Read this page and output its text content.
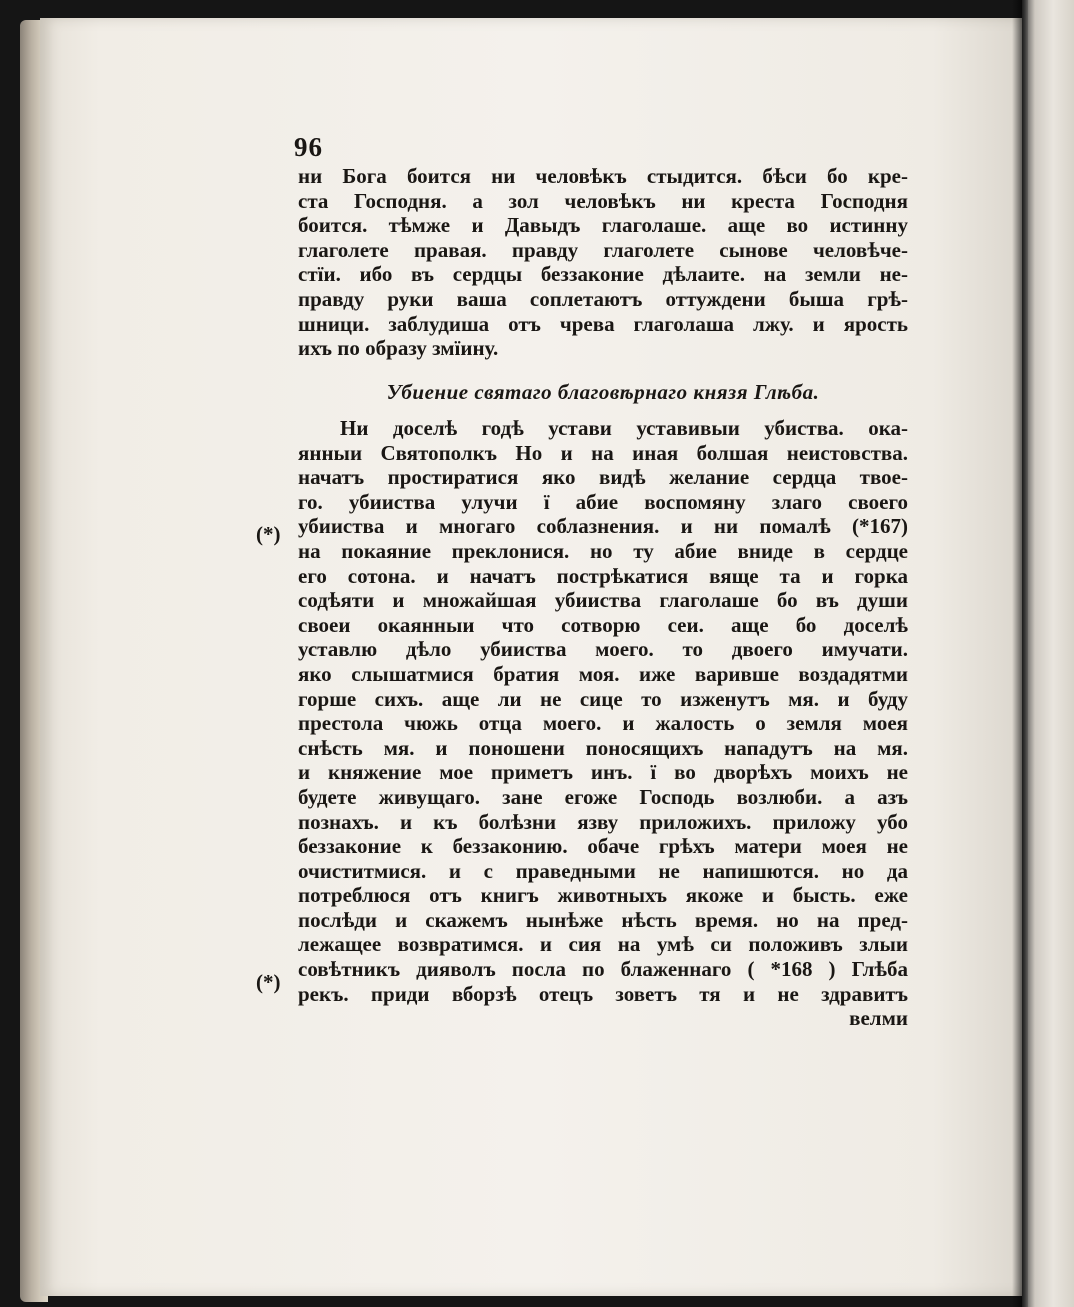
96
ни Бога боится ни человѣкъ стыдится. бѣси бо кре-
ста Господня. а зол человѣкъ ни креста Господня
боится. тѣмже и Давыдъ глаголаше. аще во истинну
глаголете правая. правду глаголете сынове человѣче-
стїи. ибо въ сердцы беззаконие дѣлаите. на земли не-
правду руки ваша соплетаютъ оттуждени быша грѣ-
шници. заблудиша отъ чрева глаголаша лжу. и ярость
ихъ по образу змїину.
Убиение святаго благовѣрнаго князя Глѣба.
Ни доселѣ годѣ устави уставивыи убиства. ока-
янныи Святополкъ Но и на иная болшая неистовства.
начатъ простиратися яко видѣ желание сердца твое-
го. убииства улучи ї абие воспомяну злаго своего
убииства и многаго соблазнения. и ни помалѣ (*167)
на покаяние преклонися. но ту абие вниде в сердце
его сотона. и начатъ пострѣкатися вяще та и горка
содѣяти и множайшая убииства глаголаше бо въ души
своеи окаянныи что сотворю сеи. аще бо доселѣ
уставлю дѣло убииства моего. то двоего имучати.
яко слышатмися братия моя. иже варивше воздадятми
горше сихъ. аще ли не сице то изженутъ мя. и буду
престола чюжь отца моего. и жалость о земля моея
снѣсть мя. и поношени поносящихъ нападутъ на мя.
и княжение мое приметъ инъ. ї во дворѣхъ моихъ не
будете живущаго. зане егоже Господь возлюби. а азъ
познахъ. и къ болѣзни язву приложихъ. приложу убо
беззаконие к беззаконию. обаче грѣхъ матери моея не
очиститмися. и с праведными не напишются. но да
потреблюся отъ книгъ животныхъ якоже и бысть. еже
послѣди и скажемъ нынѣже нѣсть время. но на пред-
лежащее возвратимся. и сия на умѣ си положивъ злыи
совѣтникъ дияволъ посла по блаженнаго ( *168 ) Глѣба
рекъ. приди вборзѣ отецъ зоветъ тя и не здравитъ
велми
(*)
(*)
